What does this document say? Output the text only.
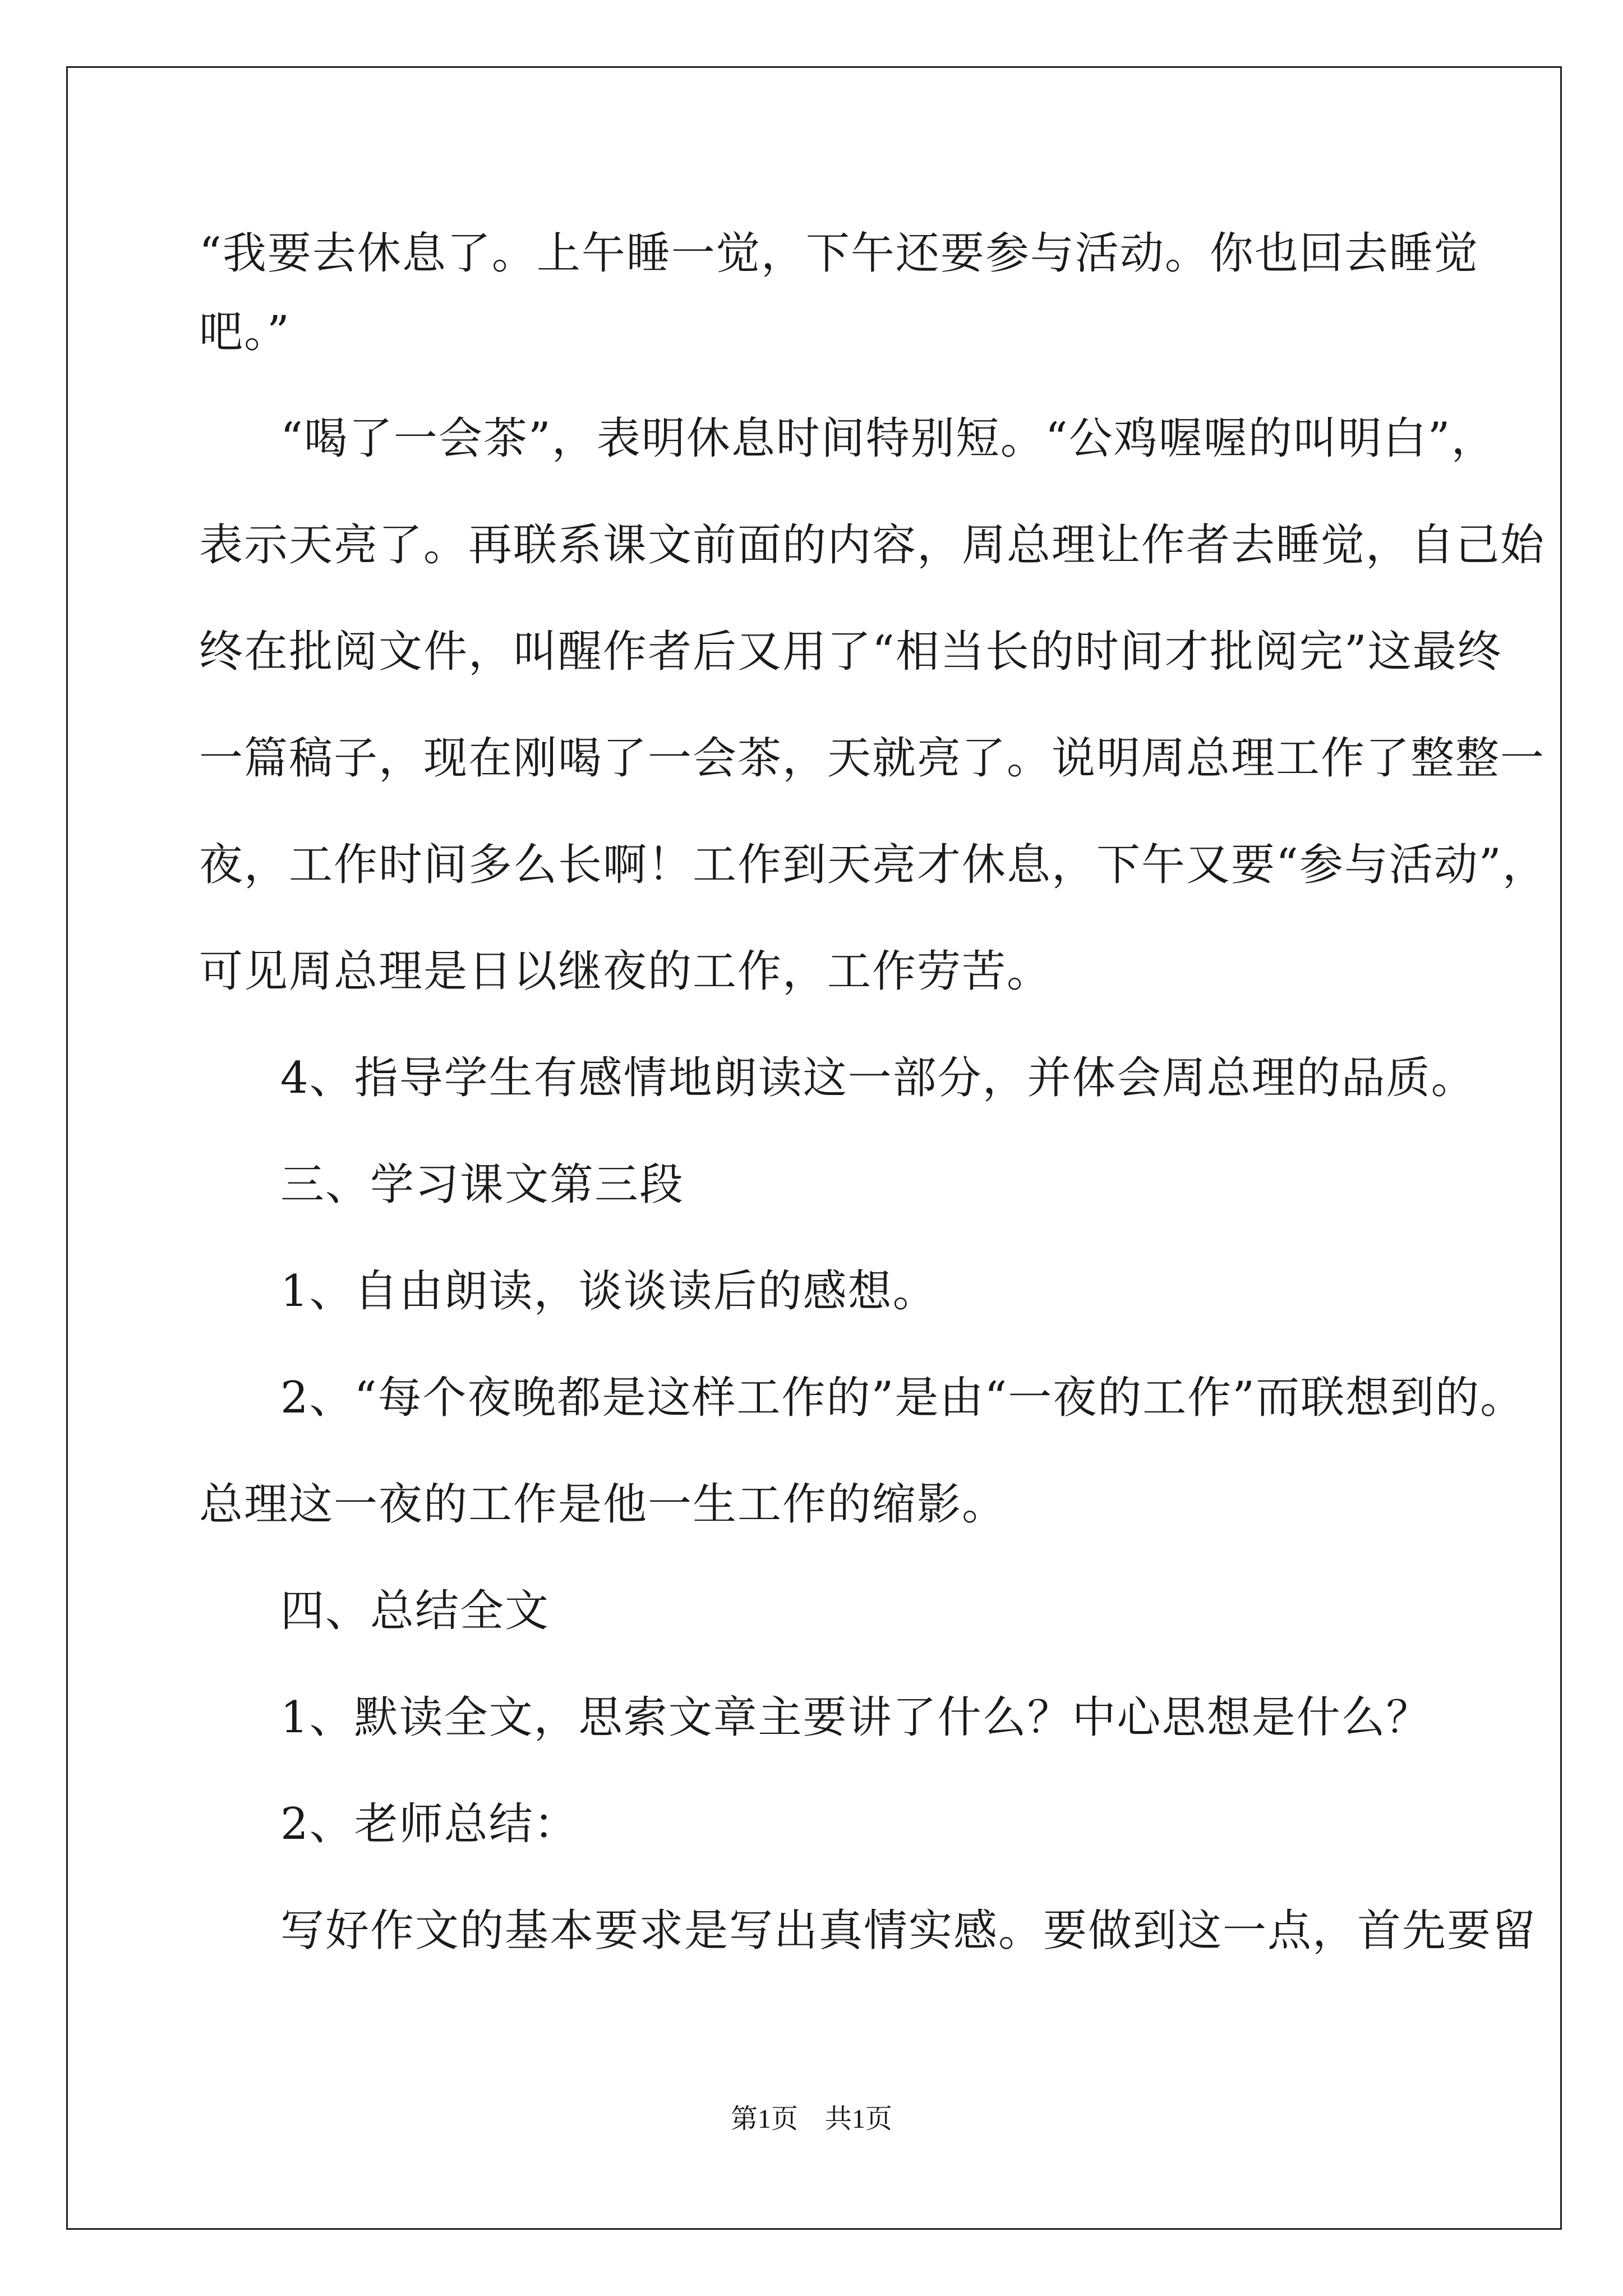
“我要去休息了。上午睡一觉，下午还要参与活动。你也回去睡觉

吧。”

“喝了一会茶”，表明休息时间特别短。“公鸡喔喔的叫明白”，

表示天亮了。再联系课文前面的内容，周总理让作者去睡觉，自己始

终在批阅文件，叫醒作者后又用了“相当长的时间才批阅完”这最终

一篇稿子，现在刚喝了一会茶，天就亮了。说明周总理工作了整整一

夜，工作时间多么长啊！工作到天亮才休息，下午又要“参与活动”，

可见周总理是日以继夜的工作，工作劳苦。

4、指导学生有感情地朗读这一部分，并体会周总理的品质。

三、学习课文第三段

1、自由朗读，谈谈读后的感想。

2、“每个夜晚都是这样工作的”是由“一夜的工作”而联想到的。

总理这一夜的工作是他一生工作的缩影。

四、总结全文

1、默读全文，思索文章主要讲了什么？中心思想是什么？

2、老师总结：

写好作文的基本要求是写出真情实感。要做到这一点，首先要留

第1页　共1页
